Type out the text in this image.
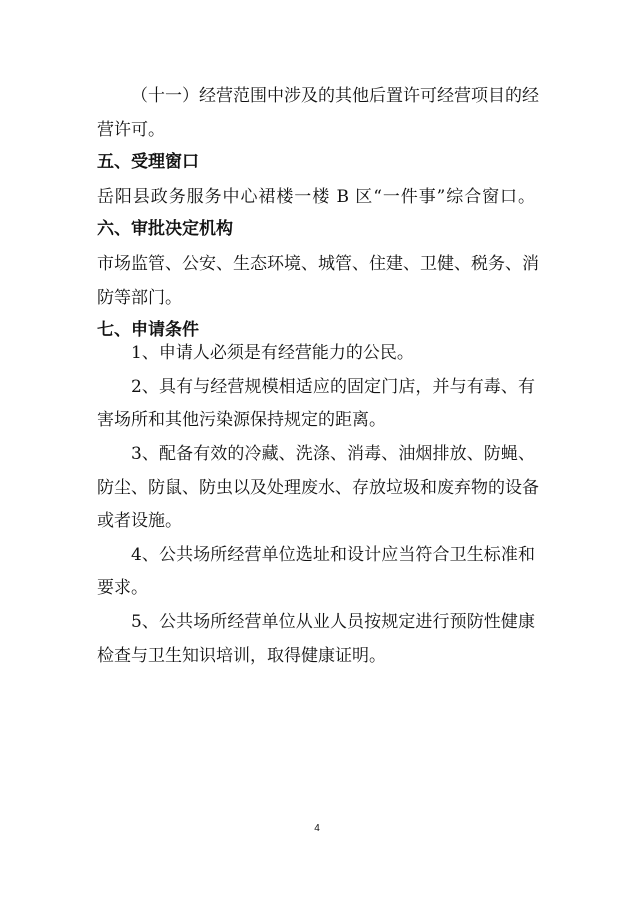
（十一）经营范围中涉及的其他后置许可经营项目的经

营许可。

五、受理窗口

岳阳县政务服务中心裙楼一楼 B 区“一件事”综合窗口。

六、审批决定机构

市场监管、公安、生态环境、城管、住建、卫健、税务、消

防等部门。

七、申请条件

1、申请人必须是有经营能力的公民。

2、具有与经营规模相适应的固定门店，并与有毒、有

害场所和其他污染源保持规定的距离。

3、配备有效的冷藏、洗涤、消毒、油烟排放、防蝇、

防尘、防鼠、防虫以及处理废水、存放垃圾和废弃物的设备

或者设施。

4、公共场所经营单位选址和设计应当符合卫生标准和

要求。

5、公共场所经营单位从业人员按规定进行预防性健康

检查与卫生知识培训，取得健康证明。

4
